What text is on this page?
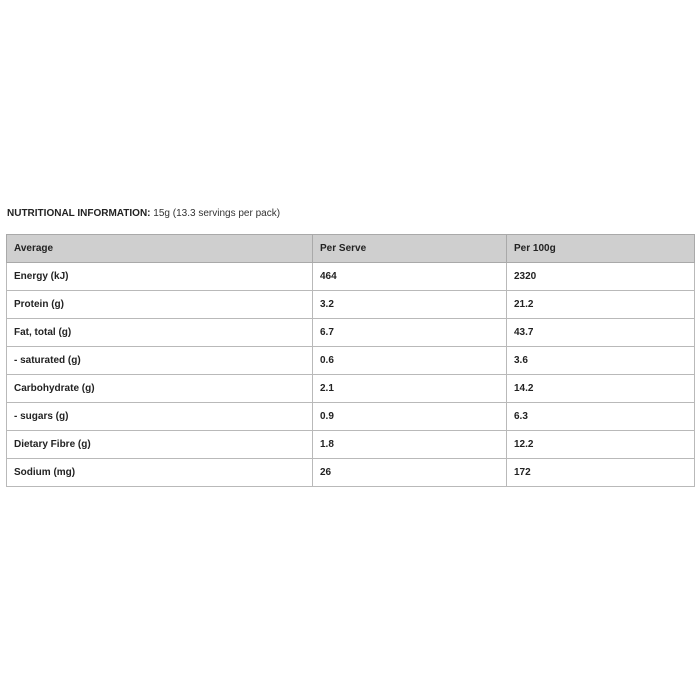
NUTRITIONAL INFORMATION: 15g (13.3 servings per pack)
Average	Per Serve	Per 100g
Energy (kJ)	464	2320
Protein (g)	3.2	21.2
Fat, total (g)	6.7	43.7
- saturated (g)	0.6	3.6
Carbohydrate (g)	2.1	14.2
- sugars (g)	0.9	6.3
Dietary Fibre (g)	1.8	12.2
Sodium (mg)	26	172
